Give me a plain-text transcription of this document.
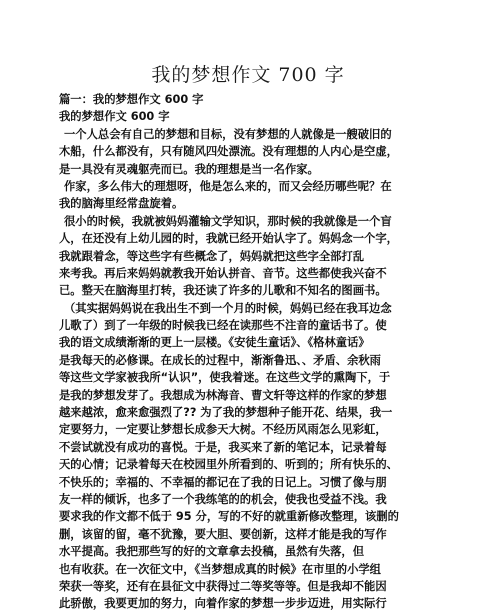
我的梦想作文 700 字
篇一：我的梦想作文 600 字
我的梦想作文 600 字
一个人总会有自己的梦想和目标，没有梦想的人就像是一艘破旧的
木船，什么都没有，只有随风四处漂流。没有理想的人内心是空虚，
是一具没有灵魂躯壳而已。我的理想是当一名作家。
作家，多么伟大的理想呀，他是怎么来的，而又会经历哪些呢？在
我的脑海里经常盘旋着。
很小的时候，我就被妈妈灌输文学知识，那时候的我就像是一个盲
人，在还没有上幼儿园的时，我就已经开始认字了。妈妈念一个字，
我就跟着念，等这些字有些概念了，妈妈就把这些字全部打乱
来考我。再后来妈妈就教我开始认拼音、音节。这些都使我兴奋不
已。整天在脑海里打转，我还读了许多的儿歌和不知名的图画书。
（其实据妈妈说在我出生不到一个月的时候，妈妈已经在我耳边念
儿歌了）到了一年级的时候我已经在读那些不注音的童话书了。使
我的语文成绩渐渐的更上一层楼。《安徒生童话》、《格林童话》
是我每天的必修课。在成长的过程中，渐渐鲁迅、、矛盾、余秋雨
等这些文学家被我所“认识”，使我着迷。在这些文学的熏陶下，于
是我的梦想发芽了。我想成为林海音、曹文轩等这样的作家的梦想
越来越浓，愈来愈强烈了?? 为了我的梦想种子能开花、结果，我一
定要努力，一定要让梦想长成参天大树。不经历风雨怎么见彩虹，
不尝试就没有成功的喜悦。于是，我买来了新的笔记本，记录着每
天的心情；记录着每天在校园里外所看到的、听到的；所有快乐的、
不快乐的；幸福的、不幸福的都记在了我的日记上。习惯了像与朋
友一样的倾诉，也多了一个我练笔的的机会，使我也受益不浅。我
要求我的作文都不低于 95 分，写的不好的就重新修改整理，该删的
删，该留的留，毫不犹豫，要大胆、要创新，这样才能是我的写作
水平提高。我把那些写的好的文章拿去投稿，虽然有失落，但
也有收获。在一次征文中，《当梦想成真的时候》在市里的小学组
荣获一等奖，还有在县征文中获得过二等奖等等。但是我却不能因
此骄傲，我要更加的努力，向着作家的梦想一步步迈进，用实际行
